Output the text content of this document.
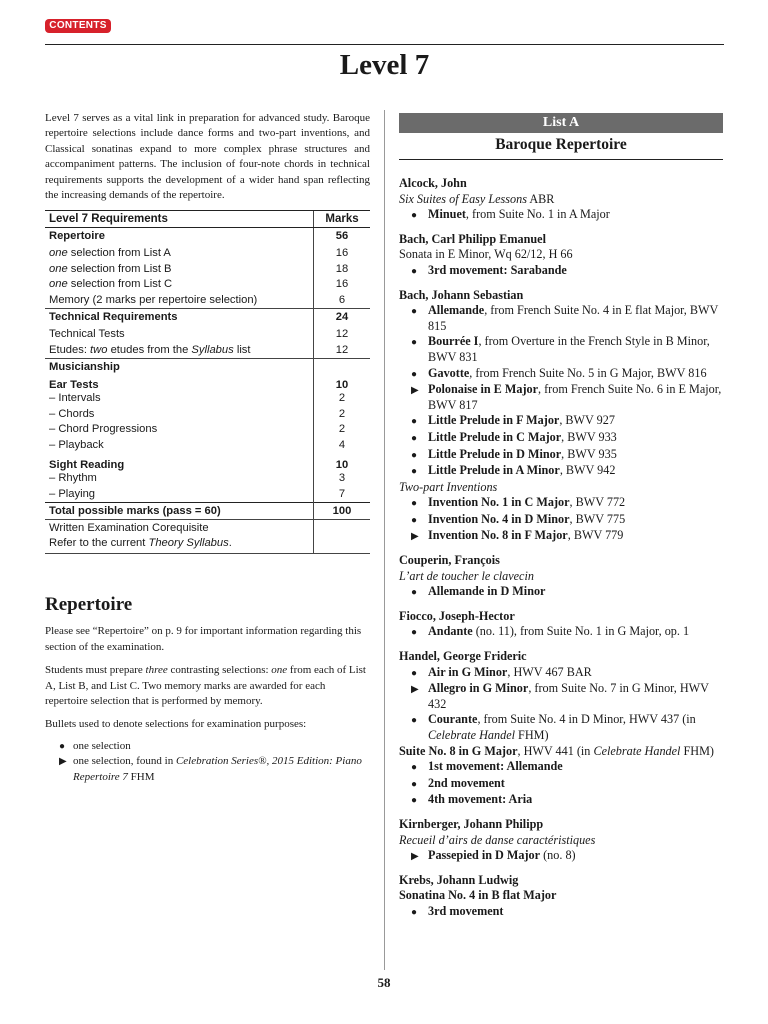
CONTENTS
Level 7

Level 7 serves as a vital link in preparation for advanced study. Baroque repertoire selections include dance forms and two-part inventions, and Classical sonatinas expand to more complex phrase structures and accompaniment patterns. The inclusion of four-note chords in technical requirements supports the development of a wider hand span reflecting the increasing demands of the repertoire.

Level 7 Requirements	Marks
Repertoire	56

one selection from List A	16
one selection from List B	18
one selection from List C	16
Memory (2 marks per repertoire selection)	6
Technical Requirements	24

Technical Tests	12
Etudes: two etudes from the Syllabus list	12
Musicianship	

Ear Tests	10
– Intervals	2
– Chords	2
– Chord Progressions	2
– Playback	4

Sight Reading	10
– Rhythm	3
– Playing	7
Total possible marks (pass = 60)	100
Written Examination Corequisite
Refer to the current Theory Syllabus.	
Repertoire

Please see “Repertoire” on p. 9 for important information regarding this section of the examination.

Students must prepare three contrasting selections: one from each of List A, List B, and List C. Two memory marks are awarded for each repertoire selection that is performed by memory.

Bullets used to denote selections for examination purposes:

● one selection
▶ one selection, found in Celebration Series®, 2015 Edition: Piano Repertoire 7 FHM
List A
Baroque Repertoire
Alcock, John
Six Suites of Easy Lessons ABR
● Minuet, from Suite No. 1 in A Major
Bach, Carl Philipp Emanuel
Sonata in E Minor, Wq 62/12, H 66
● 3rd movement: Sarabande
Bach, Johann Sebastian
● Allemande, from French Suite No. 4 in E flat Major, BWV 815
● Bourrée I, from Overture in the French Style in B Minor, BWV 831
● Gavotte, from French Suite No. 5 in G Major, BWV 816
▶ Polonaise in E Major, from French Suite No. 6 in E Major, BWV 817
● Little Prelude in F Major, BWV 927
● Little Prelude in C Major, BWV 933
● Little Prelude in D Minor, BWV 935
● Little Prelude in A Minor, BWV 942
Two-part Inventions
● Invention No. 1 in C Major, BWV 772
● Invention No. 4 in D Minor, BWV 775
▶ Invention No. 8 in F Major, BWV 779
Couperin, François
L’art de toucher le clavecin
● Allemande in D Minor
Fiocco, Joseph-Hector
● Andante (no. 11), from Suite No. 1 in G Major, op. 1
Handel, George Frideric
● Air in G Minor, HWV 467 BAR
▶ Allegro in G Minor, from Suite No. 7 in G Minor, HWV 432
● Courante, from Suite No. 4 in D Minor, HWV 437 (in Celebrate Handel FHM)
Suite No. 8 in G Major, HWV 441 (in Celebrate Handel FHM)
● 1st movement: Allemande
● 2nd movement
● 4th movement: Aria
Kirnberger, Johann Philipp
Recueil d’airs de danse caractéristiques
▶ Passepied in D Major (no. 8)
Krebs, Johann Ludwig
Sonatina No. 4 in B flat Major
● 3rd movement
58
